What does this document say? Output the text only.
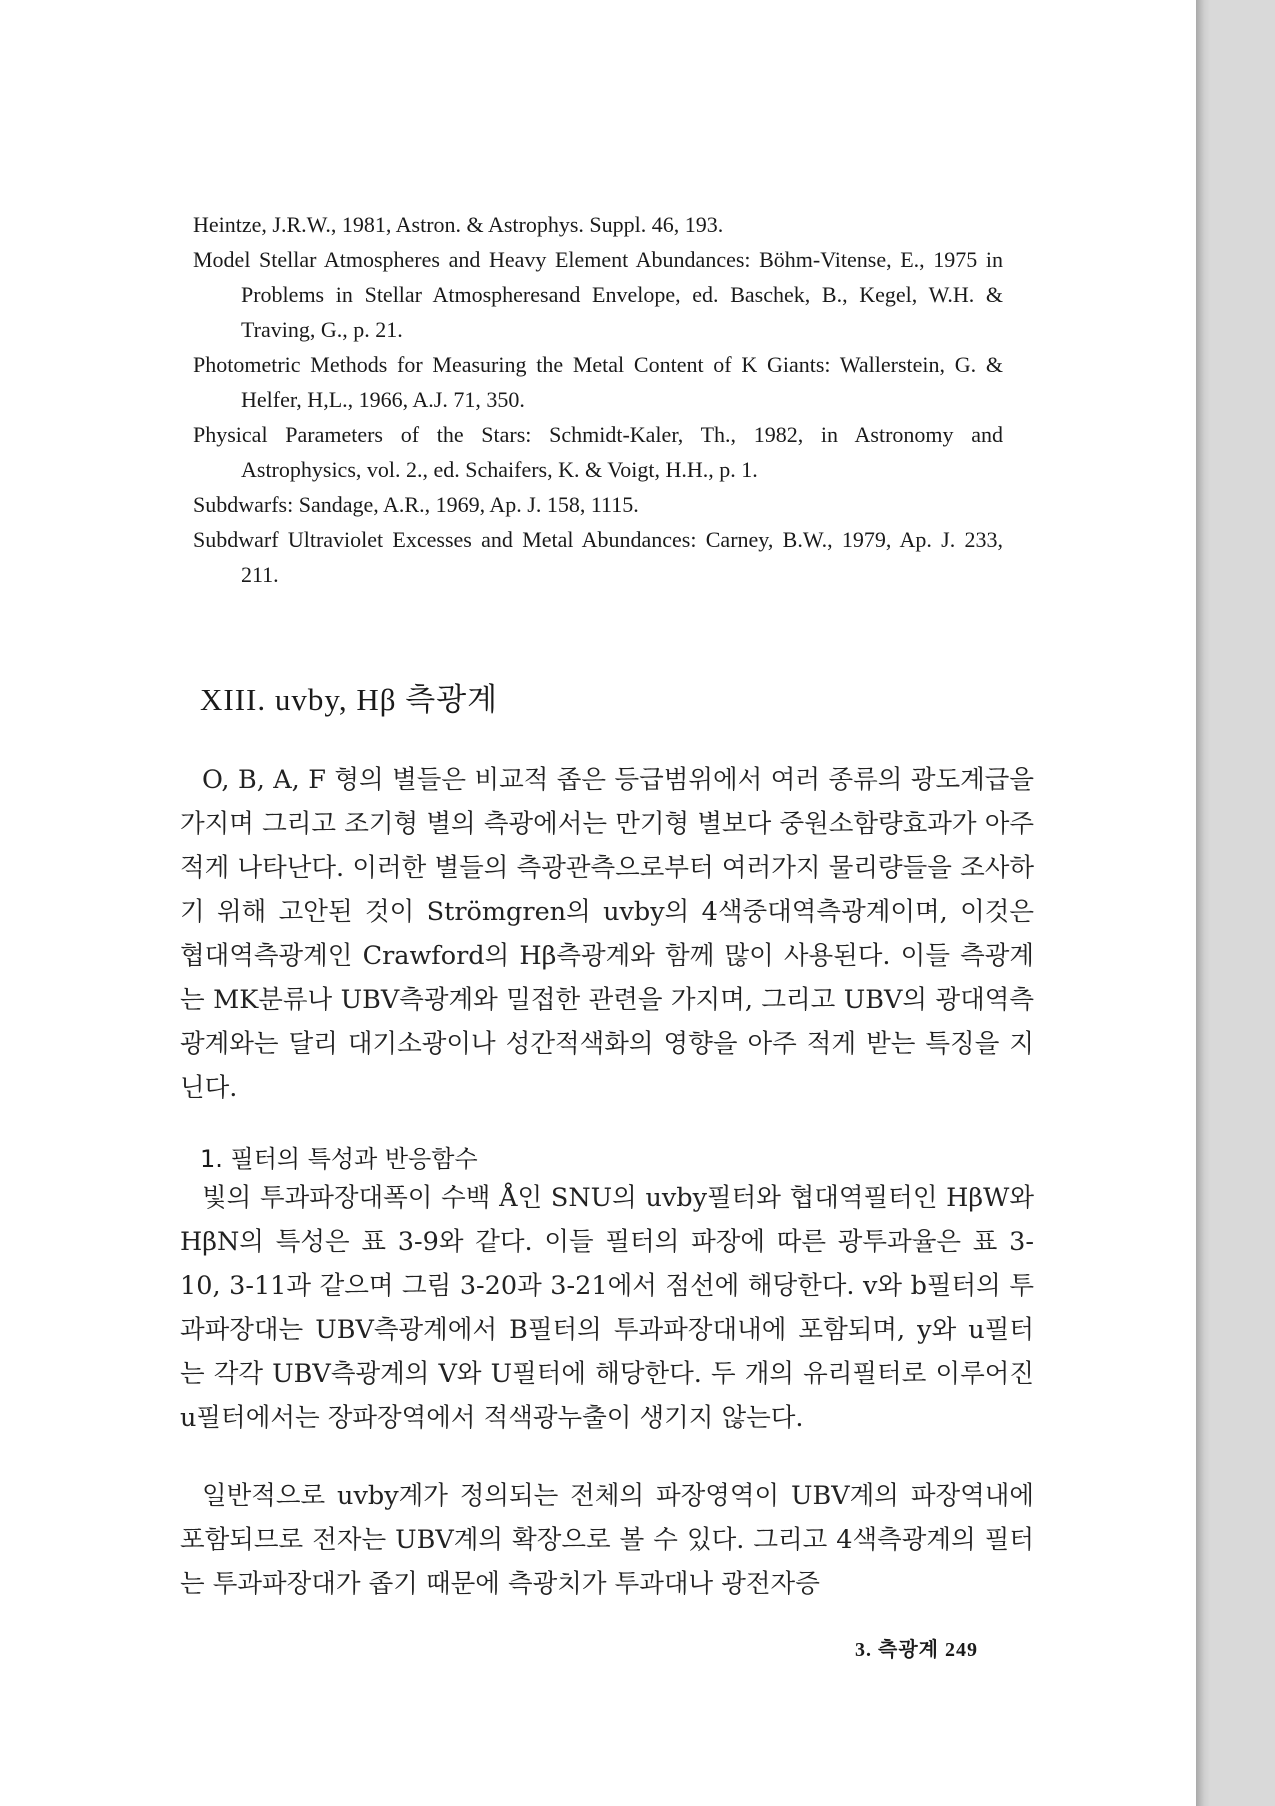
Heintze, J.R.W., 1981, Astron. & Astrophys. Suppl. 46, 193.

Model Stellar Atmospheres and Heavy Element Abundances: Böhm-Vitense, E., 1975 in Problems in Stellar Atmospheresand Envelope, ed. Baschek, B., Kegel, W.H. & Traving, G., p. 21.

Photometric Methods for Measuring the Metal Content of K Giants: Wallerstein, G. & Helfer, H,L., 1966, A.J. 71, 350.

Physical Parameters of the Stars: Schmidt-Kaler, Th., 1982, in Astronomy and Astrophysics, vol. 2., ed. Schaifers, K. & Voigt, H.H., p. 1.

Subdwarfs: Sandage, A.R., 1969, Ap. J. 158, 1115.

Subdwarf Ultraviolet Excesses and Metal Abundances: Carney, B.W., 1979, Ap. J. 233, 211.

XIII. uvby, Hβ 측광계

O, B, A, F 형의 별들은 비교적 좁은 등급범위에서 여러 종류의 광도계급을 가지며 그리고 조기형 별의 측광에서는 만기형 별보다 중원소함량효과가 아주 적게 나타난다. 이러한 별들의 측광관측으로부터 여러가지 물리량들을 조사하기 위해 고안된 것이 Strömgren의 uvby의 4색중대역측광계이며, 이것은 협대역측광계인 Crawford의 Hβ측광계와 함께 많이 사용된다. 이들 측광계는 MK분류나 UBV측광계와 밀접한 관련을 가지며, 그리고 UBV의 광대역측광계와는 달리 대기소광이나 성간적색화의 영향을 아주 적게 받는 특징을 지닌다.

1. 필터의 특성과 반응함수

빛의 투과파장대폭이 수백 Å인 SNU의 uvby필터와 협대역필터인 HβW와 HβN의 특성은 표 3-9와 같다. 이들 필터의 파장에 따른 광투과율은 표 3-10, 3-11과 같으며 그림 3-20과 3-21에서 점선에 해당한다. v와 b필터의 투과파장대는 UBV측광계에서 B필터의 투과파장대내에 포함되며, y와 u필터는 각각 UBV측광계의 V와 U필터에 해당한다. 두 개의 유리필터로 이루어진 u필터에서는 장파장역에서 적색광누출이 생기지 않는다.

일반적으로 uvby계가 정의되는 전체의 파장영역이 UBV계의 파장역내에 포함되므로 전자는 UBV계의 확장으로 볼 수 있다. 그리고 4색측광계의 필터는 투과파장대가 좁기 때문에 측광치가 투과대나 광전자증

3. 측광계 249
